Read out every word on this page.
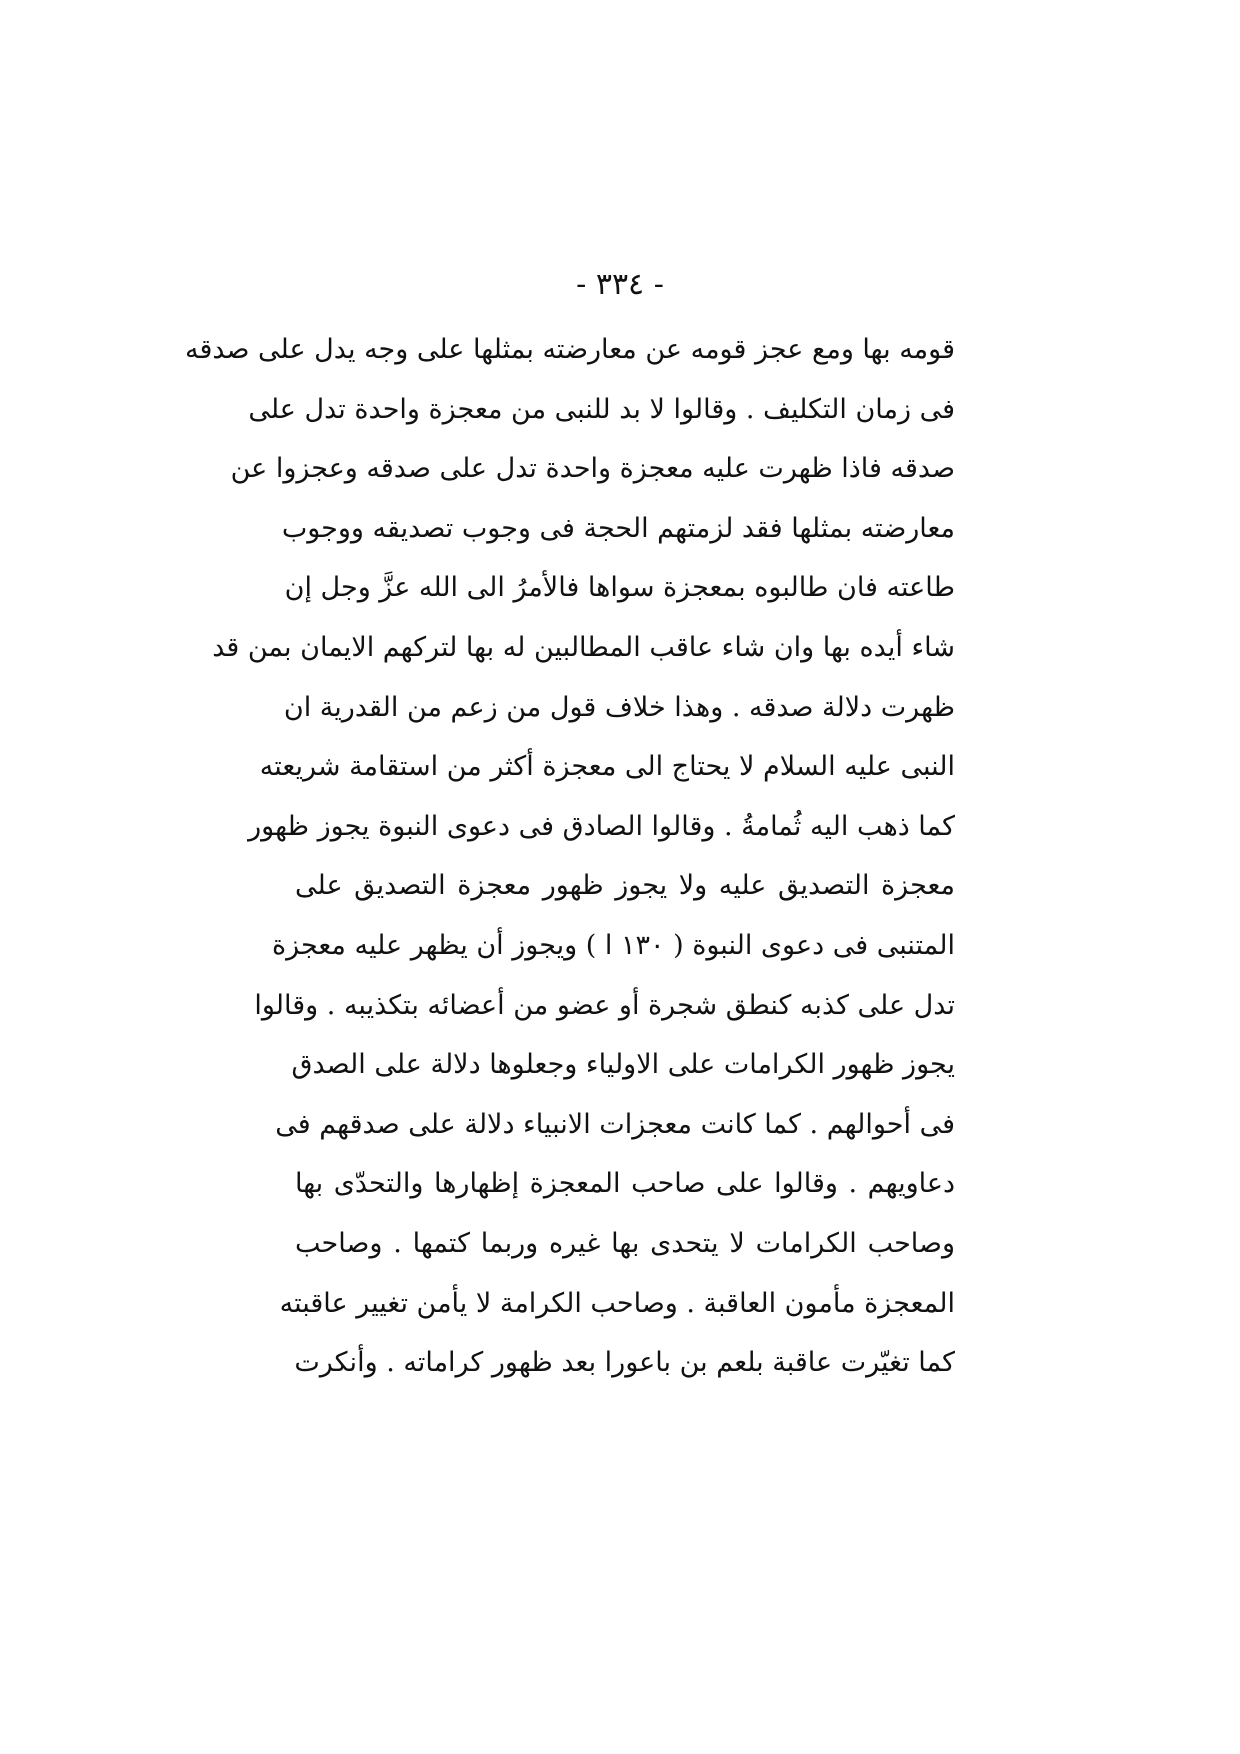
- ٣٣٤ -
قومه بها ومع عجز قومه عن معارضته بمثلها على وجه يدل على صدقه
فى زمان التكليف . وقالوا لا بد للنبى من معجزة واحدة تدل على
صدقه فاذا ظهرت عليه معجزة واحدة تدل على صدقه وعجزوا عن
معارضته بمثلها فقد لزمتهم الحجة فى وجوب تصديقه ووجوب
طاعته فان طالبوه بمعجزة سواها فالأمرُ الى الله عزَّ وجل إن
شاء أيده بها وان شاء عاقب المطالبين له بها لتركهم الايمان بمن قد
ظهرت دلالة صدقه . وهذا خلاف قول من زعم من القدرية ان
النبى عليه السلام لا يحتاج الى معجزة أكثر من استقامة شريعته
كما ذهب اليه ثُمامةُ . وقالوا الصادق فى دعوى النبوة يجوز ظهور
معجزة التصديق عليه ولا يجوز ظهور معجزة التصديق على
المتنبى فى دعوى النبوة ( ١٣٠ ا ) ويجوز أن يظهر عليه معجزة
تدل على كذبه كنطق شجرة أو عضو من أعضائه بتكذيبه . وقالوا
يجوز ظهور الكرامات على الاولياء وجعلوها دلالة على الصدق
فى أحوالهم . كما كانت معجزات الانبياء دلالة على صدقهم فى
دعاويهم . وقالوا على صاحب المعجزة إظهارها والتحدّى بها
وصاحب الكرامات لا يتحدى بها غيره وربما كتمها . وصاحب
المعجزة مأمون العاقبة . وصاحب الكرامة لا يأمن تغيير عاقبته
كما تغيّرت عاقبة بلعم بن باعورا بعد ظهور كراماته . وأنكرت
